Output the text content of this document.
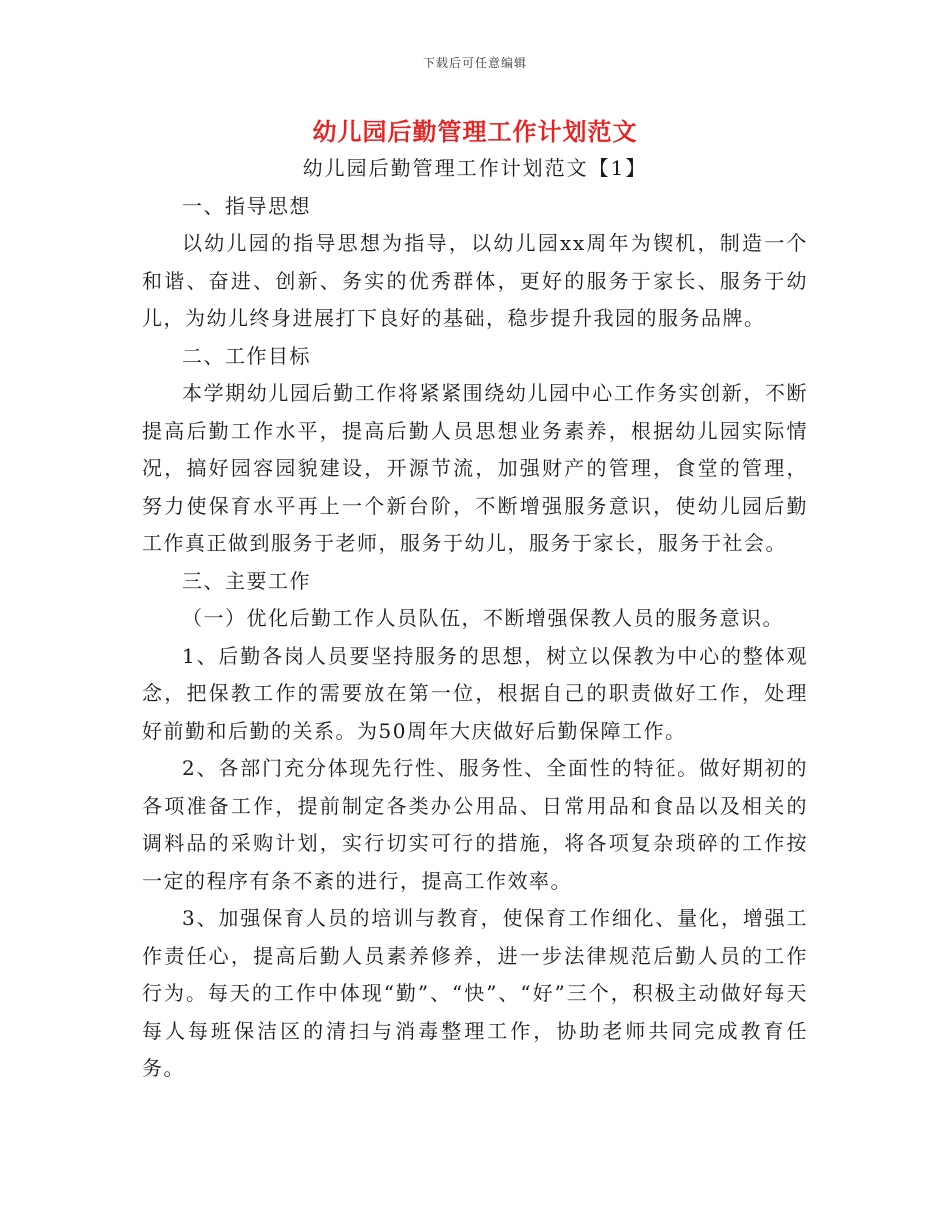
下载后可任意编辑
幼儿园后勤管理工作计划范文

幼儿园后勤管理工作计划范文【1】

一、指导思想

以幼儿园的指导思想为指导，以幼儿园xx周年为锲机，制造一个和谐、奋进、创新、务实的优秀群体，更好的服务于家长、服务于幼儿，为幼儿终身进展打下良好的基础，稳步提升我园的服务品牌。

二、工作目标

本学期幼儿园后勤工作将紧紧围绕幼儿园中心工作务实创新，不断提高后勤工作水平，提高后勤人员思想业务素养，根据幼儿园实际情况，搞好园容园貌建设，开源节流，加强财产的管理，食堂的管理，努力使保育水平再上一个新台阶，不断增强服务意识，使幼儿园后勤工作真正做到服务于老师，服务于幼儿，服务于家长，服务于社会。

三、主要工作

（一）优化后勤工作人员队伍，不断增强保教人员的服务意识。

1、后勤各岗人员要坚持服务的思想，树立以保教为中心的整体观念，把保教工作的需要放在第一位，根据自己的职责做好工作，处理好前勤和后勤的关系。为50周年大庆做好后勤保障工作。

2、各部门充分体现先行性、服务性、全面性的特征。做好期初的各项准备工作，提前制定各类办公用品、日常用品和食品以及相关的调料品的采购计划，实行切实可行的措施，将各项复杂琐碎的工作按一定的程序有条不紊的进行，提高工作效率。

3、加强保育人员的培训与教育，使保育工作细化、量化，增强工作责任心，提高后勤人员素养修养，进一步法律规范后勤人员的工作行为。每天的工作中体现“勤”、“快”、“好”三个，积极主动做好每天每人每班保洁区的清扫与消毒整理工作，协助老师共同完成教育任务。
